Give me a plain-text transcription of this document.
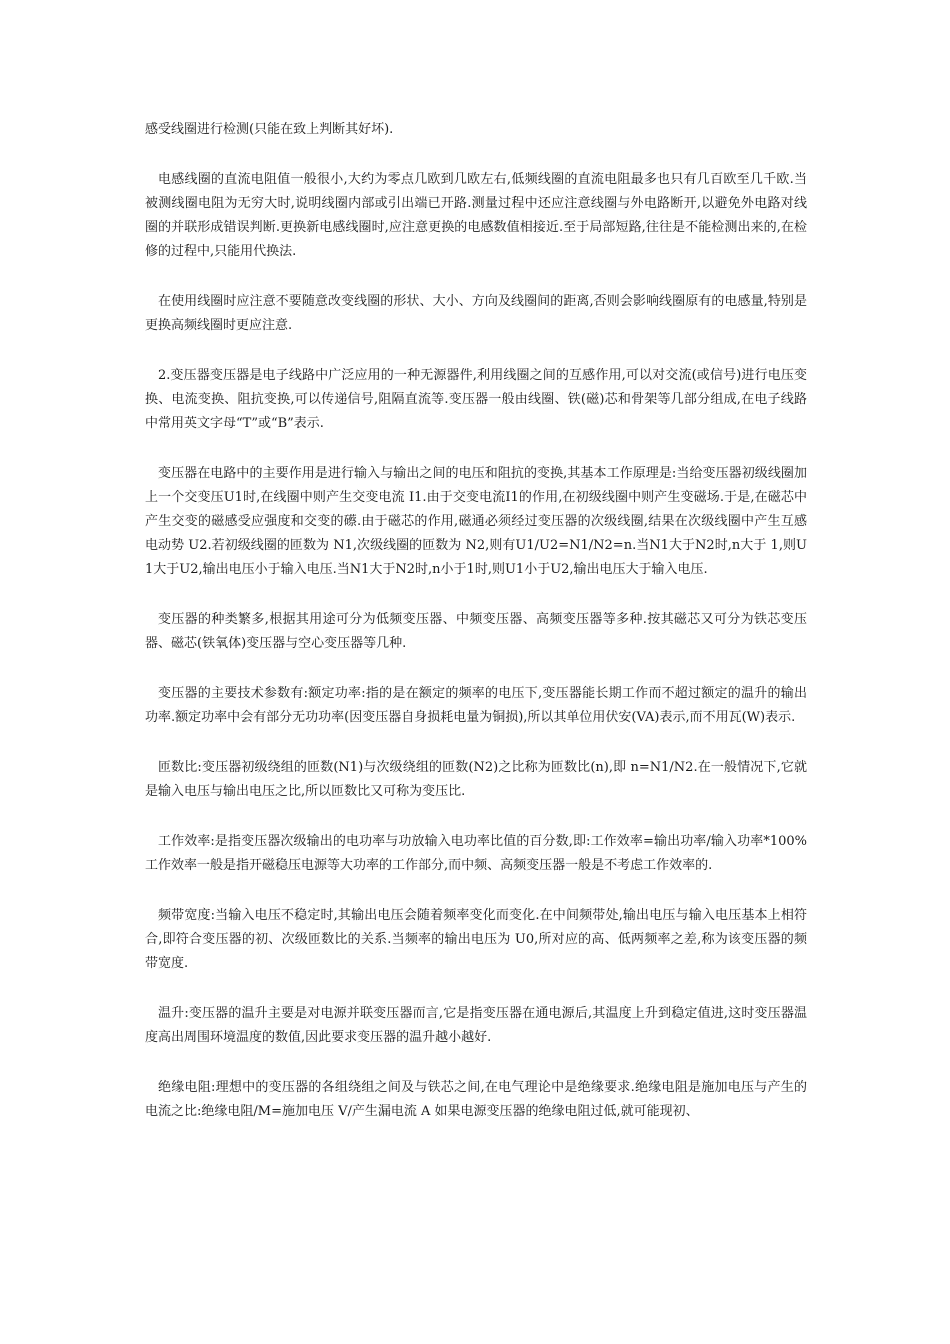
感受线圈进行检测(只能在致上判断其好坏).

电感线圈的直流电阻值一般很小,大约为零点几欧到几欧左右,低频线圈的直流电阻最多也只有几百欧至几千欧.当被测线圈电阻为无穷大时,说明线圈内部或引出端已开路.测量过程中还应注意线圈与外电路断开,以避免外电路对线圈的并联形成错误判断.更换新电感线圈时,应注意更换的电感数值相接近.至于局部短路,往往是不能检测出来的,在检修的过程中,只能用代换法.

在使用线圈时应注意不要随意改变线圈的形状、大小、方向及线圈间的距离,否则会影响线圈原有的电感量,特别是更换高频线圈时更应注意.

2.变压器变压器是电子线路中广泛应用的一种无源器件,利用线圈之间的互感作用,可以对交流(或信号)进行电压变换、电流变换、阻抗变换,可以传递信号,阻隔直流等.变压器一般由线圈、铁(磁)芯和骨架等几部分组成,在电子线路中常用英文字母“T”或“B”表示.

变压器在电路中的主要作用是进行输入与输出之间的电压和阻抗的变换,其基本工作原理是:当给变压器初级线圈加上一个交变压U1时,在线圈中则产生交变电流 I1.由于交变电流I1的作用,在初级线圈中则产生变磁场.于是,在磁芯中产生交变的磁感受应强度和交变的礤.由于磁芯的作用,磁通必须经过变压器的次级线圈,结果在次级线圈中产生互感电动势 U2.若初级线圈的匝数为 N1,次级线圈的匝数为 N2,则有U1/U2=N1/N2=n.当N1大于N2时,n大于 1,则U1大于U2,输出电压小于输入电压.当N1大于N2时,n小于1时,则U1小于U2,输出电压大于输入电压.

变压器的种类繁多,根据其用途可分为低频变压器、中频变压器、高频变压器等多种.按其磁芯又可分为铁芯变压器、磁芯(铁氧体)变压器与空心变压器等几种.

变压器的主要技术参数有:额定功率:指的是在额定的频率的电压下,变压器能长期工作而不超过额定的温升的输出功率.额定功率中会有部分无功功率(因变压器自身损耗电量为铜损),所以其单位用伏安(VA)表示,而不用瓦(W)表示.

匝数比:变压器初级绕组的匝数(N1)与次级绕组的匝数(N2)之比称为匝数比(n),即 n=N1/N2.在一般情况下,它就是输入电压与输出电压之比,所以匝数比又可称为变压比.

工作效率:是指变压器次级输出的电功率与功放输入电功率比值的百分数,即:工作效率=输出功率/输入功率*100%工作效率一般是指开磁稳压电源等大功率的工作部分,而中频、高频变压器一般是不考虑工作效率的.

频带宽度:当输入电压不稳定时,其输出电压会随着频率变化而变化.在中间频带处,输出电压与输入电压基本上相符合,即符合变压器的初、次级匝数比的关系.当频率的输出电压为 U0,所对应的高、低两频率之差,称为该变压器的频带宽度.

温升:变压器的温升主要是对电源并联变压器而言,它是指变压器在通电源后,其温度上升到稳定值进,这时变压器温度高出周围环境温度的数值,因此要求变压器的温升越小越好.

绝缘电阻:理想中的变压器的各组绕组之间及与铁芯之间,在电气理论中是绝缘要求.绝缘电阻是施加电压与产生的电流之比:绝缘电阻/M=施加电压 V/产生漏电流 A 如果电源变压器的绝缘电阻过低,就可能现初、
